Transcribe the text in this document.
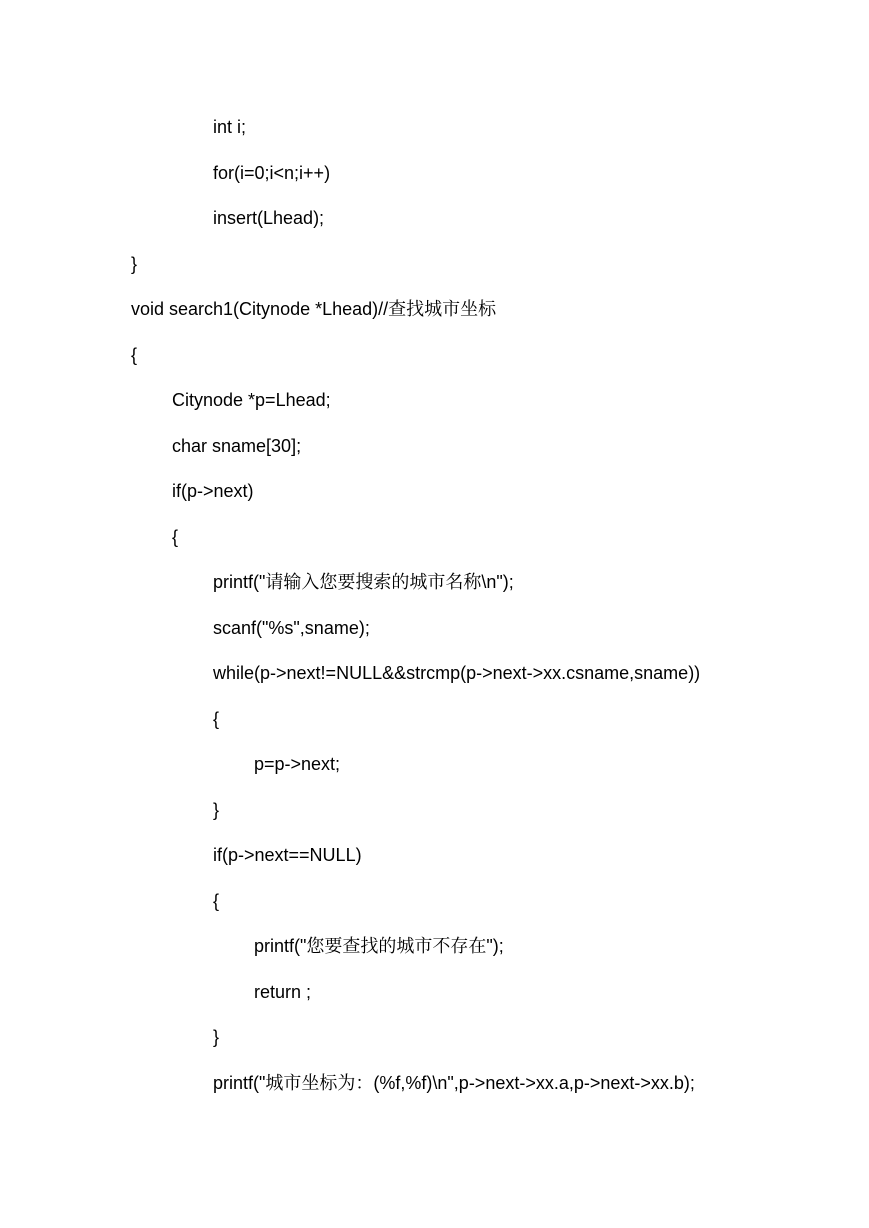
int i;
for(i=0;i<n;i++)
insert(Lhead);
}
void search1(Citynode *Lhead)//查找城市坐标
{
Citynode *p=Lhead;
char sname[30];
if(p->next)
{
printf("请输入您要搜索的城市名称\n");
scanf("%s",sname);
while(p->next!=NULL&&strcmp(p->next->xx.csname,sname))
{
p=p->next;
}
if(p->next==NULL)
{
printf("您要查找的城市不存在");
return ;
}
printf("城市坐标为：(%f,%f)\n",p->next->xx.a,p->next->xx.b);
